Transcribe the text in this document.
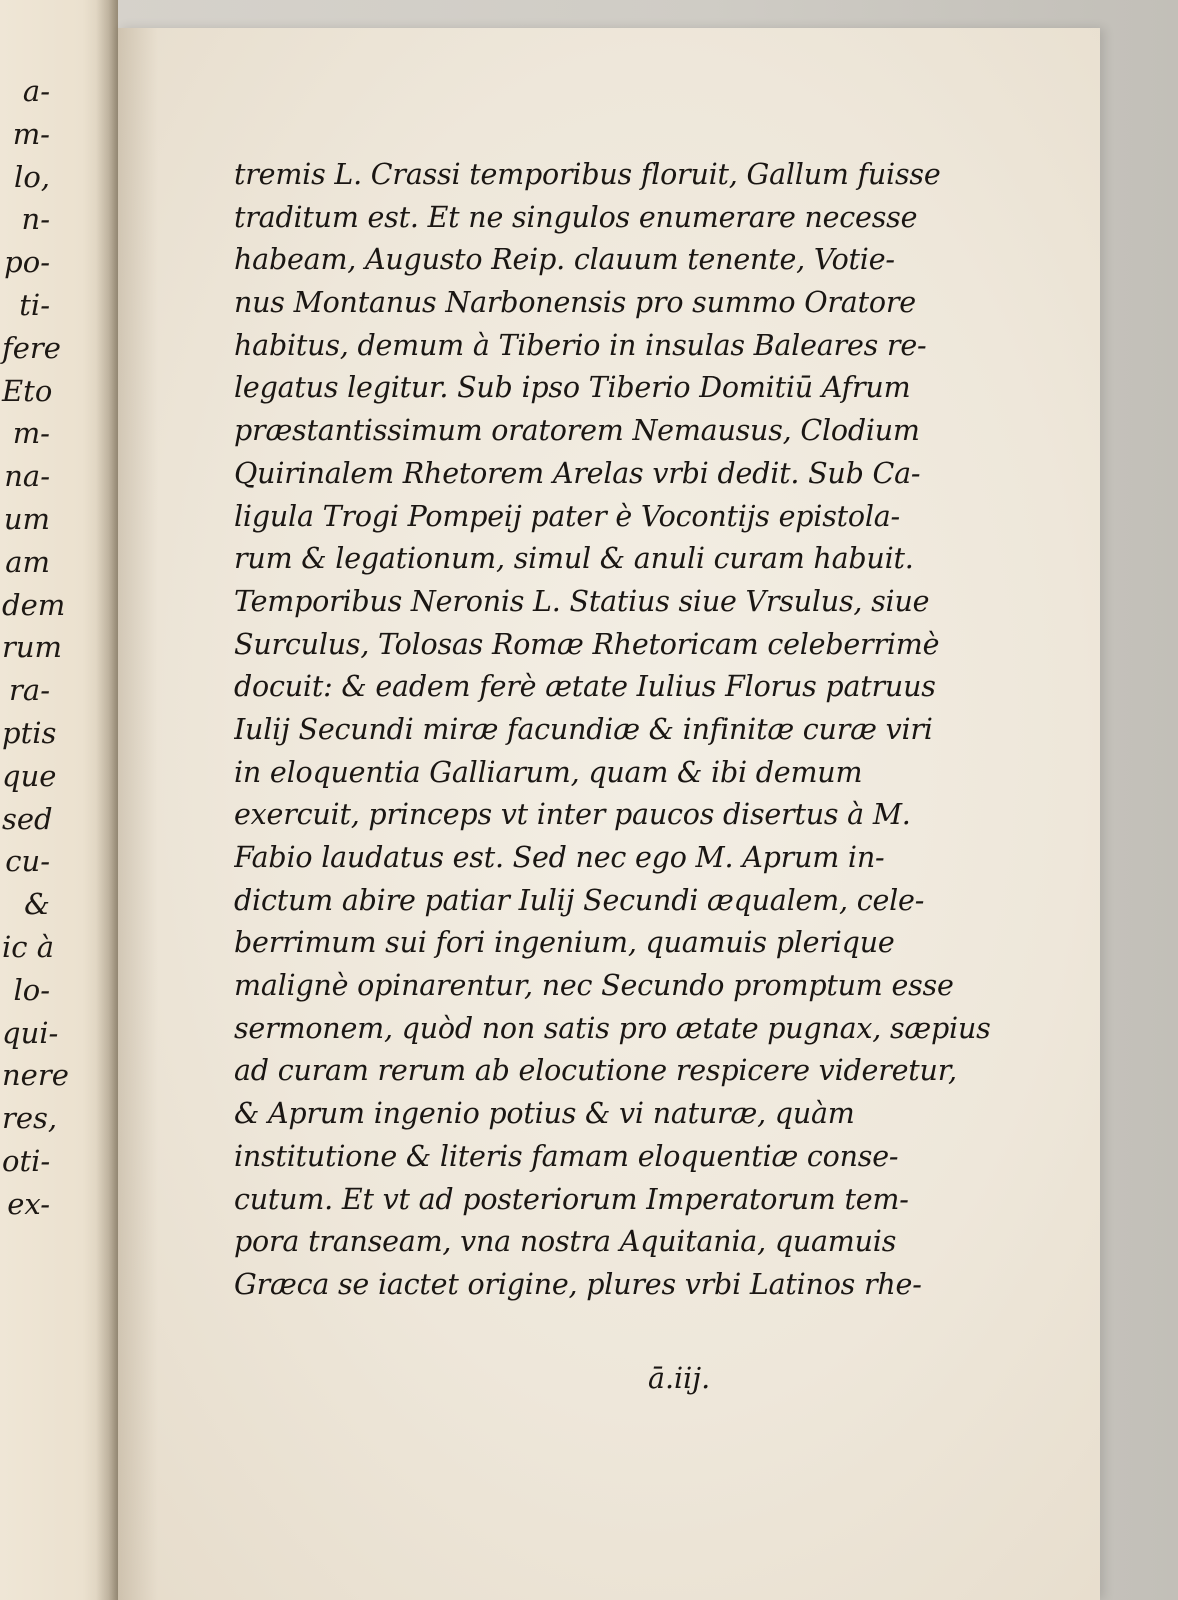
a-
m-
lo,
n-
po-
ti-
fere
Eto
m-
na-
um
am
dem
rum
ra-
ptis
que
sed
cu-
&
ic à
lo-
qui-
nere
res,
oti-
ex-
tremis L. Crassi temporibus floruit, Gallum fuisse
traditum est. Et ne singulos enumerare necesse
habeam, Augusto Reip. clauum tenente, Votie-
nus Montanus Narbonensis pro summo Oratore
habitus, demum à Tiberio in insulas Baleares re-
legatus legitur. Sub ipso Tiberio Domitiū Afrum
præstantissimum oratorem Nemausus, Clodium
Quirinalem Rhetorem Arelas vrbi dedit. Sub Ca-
ligula Trogi Pompeij pater è Vocontijs epistola-
rum & legationum, simul & anuli curam habuit.
Temporibus Neronis L. Statius siue Vrsulus, siue
Surculus, Tolosas Romæ Rhetoricam celeberrimè
docuit: & eadem ferè ætate Iulius Florus patruus
Iulij Secundi miræ facundiæ & infinitæ curæ viri
in eloquentia Galliarum, quam & ibi demum
exercuit, princeps vt inter paucos disertus à M.
Fabio laudatus est. Sed nec ego M. Aprum in-
dictum abire patiar Iulij Secundi æqualem, cele-
berrimum sui fori ingenium, quamuis plerique
malignè opinarentur, nec Secundo promptum esse
sermonem, quòd non satis pro ætate pugnax, sæpius
ad curam rerum ab elocutione respicere videretur,
& Aprum ingenio potius & vi naturæ, quàm
institutione & literis famam eloquentiæ conse-
cutum. Et vt ad posteriorum Imperatorum tem-
pora transeam, vna nostra Aquitania, quamuis
Græca se iactet origine, plures vrbi Latinos rhe-
ā.iij.
